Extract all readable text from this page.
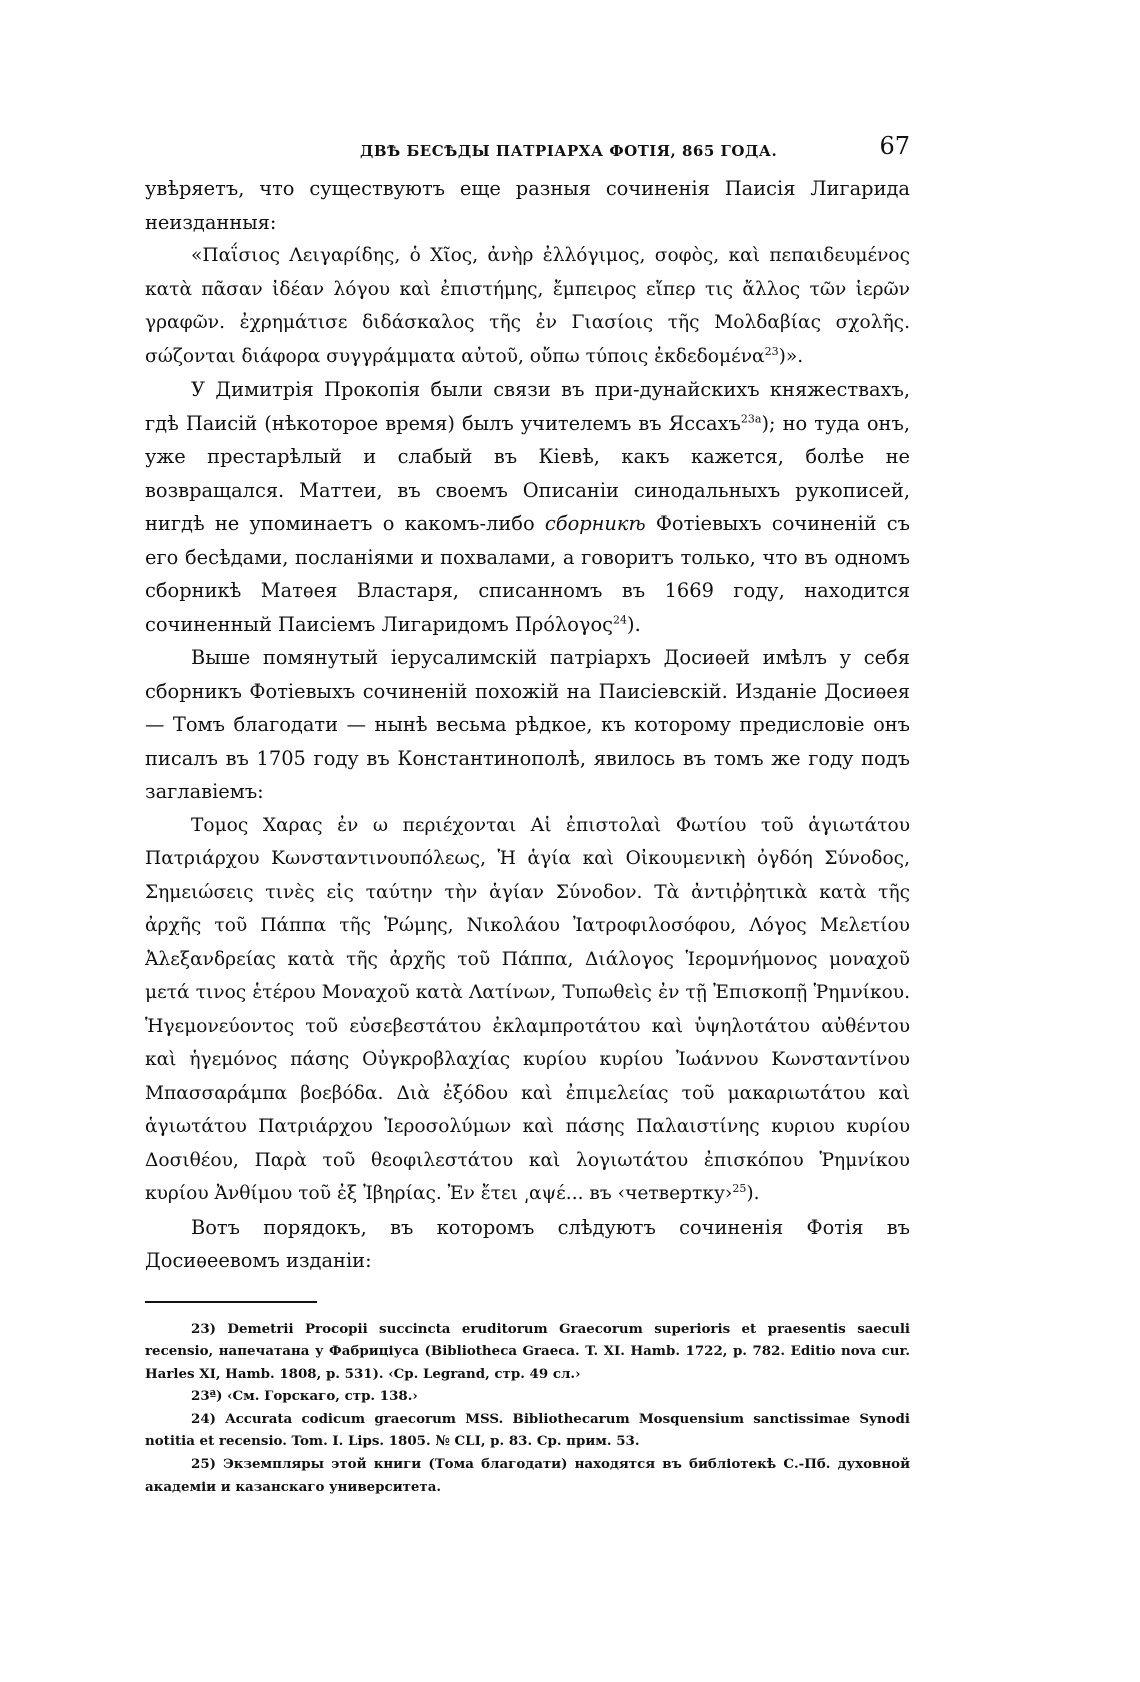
ДВѢ БЕСѢДЫ ПАТРІАРХА ФОТІЯ, 865 ГОДА.	67

увѣряетъ, что существуютъ еще разныя сочиненія Паисія Лигарида неизданныя:

«Παΐσιος Λειγαρίδης, ὁ Χῖος, ἀνὴρ ἐλλόγιμος, σοφὸς, καὶ πεπαιδευμένος κατὰ πᾶσαν ἰδέαν λόγου καὶ ἐπιστήμης, ἔμπειρος εἴπερ τις ἄλλος τῶν ἱερῶν γραφῶν. ἐχρημάτισε διδάσκαλος τῆς ἐν Γιασίοις τῆς Μολδαβίας σχολῆς. σώζονται διάφορα συγγράμματα αὐτοῦ, οὔπω τύποις ἐκδεδομένα$^{23}$)».

У Димитрія Прокопія были связи въ при-дунайскихъ княжествахъ, гдѣ Паисій (нѣкоторое время) былъ учителемъ въ Яссахъ$^{23а}$); но туда онъ, уже престарѣлый и слабый въ Кіевѣ, какъ кажется, болѣе не возвращался. Маттеи, въ своемъ Описаніи синодальныхъ рукописей, нигдѣ не упоминаетъ о какомъ-либо сборникѣ Фотіевыхъ сочиненій съ его бесѣдами, посланіями и похвалами, а говоритъ только, что въ одномъ сборникѣ Матѳея Властаря, списанномъ въ 1669 году, находится сочиненный Паисіемъ Лигаридомъ Πρόλογος$^{24}$).

Выше помянутый іерусалимскій патріархъ Досиѳей имѣлъ у себя сборникъ Фотіевыхъ сочиненій похожій на Паисіевскій. Изданіе Досиѳея— Томъ благодати — нынѣ весьма рѣдкое, къ которому предисловіе онъ писалъ въ 1705 году въ Константинополѣ, явилось въ томъ же году подъ заглавіемъ:

Τομος Χαρας ἐν ω περιέχονται Αἱ ἐπιστολαὶ Φωτίου τοῦ ἁγιωτάτου Πατριάρχου Κωνσταντινουπόλεως, Ἡ ἁγία καὶ Οἰκουμενικὴ ὀγδόη Σύνοδος, Σημειώσεις τινὲς εἰς ταύτην τὴν ἁγίαν Σύνοδον. Τὰ ἀντιῤῥητικὰ κατὰ τῆς ἀρχῆς τοῦ Πάππα τῆς Ῥώμης, Νικολάου Ἰατροφιλοσόφου, Λόγος Μελετίου Ἀλεξανδρείας κατὰ τῆς ἀρχῆς τοῦ Πάππα, Διάλογος Ἱερομνήμονος μοναχοῦ μετά τινος ἑτέρου Μοναχοῦ κατὰ Λατίνων, Τυπωθεὶς ἐν τῇ Ἐπισκοπῇ Ῥημνίκου. Ἡγεμονεύοντος τοῦ εὐσεβεστάτου ἐκλαμπροτάτου καὶ ὑψηλοτάτου αὐθέντου καὶ ἡγεμόνος πάσης Οὐγκροβλαχίας κυρίου κυρίου Ἰωάννου Κωνσταντίνου Μπασσαράμπα βοεβόδα. Διὰ ἐξόδου καὶ ἐπιμελείας τοῦ μακαριωτάτου καὶ ἁγιωτάτου Πατριάρχου Ἱεροσολύμων καὶ πάσης Παλαιστίνης κυριου κυρίου Δοσιθέου, Παρὰ τοῦ θεοφιλεστάτου καὶ λογιωτάτου ἐπισκόπου Ῥημνίκου κυρίου Ἀνθίμου τοῦ ἐξ Ἰβηρίας. Ἐν ἔτει ͵αψέ... въ ‹четвертку›$^{25}$).

Вотъ порядокъ, въ которомъ слѣдуютъ сочиненія Фотія въ Досиѳеевомъ изданіи:

23) Demetrii Procopii succincta eruditorum Graecorum superioris et praesentis saeculi recensio, напечатана у Фабриціуса (Bibliotheca Graeca. T. XI. Hamb. 1722, p. 782. Editio nova cur. Harles XI, Hamb. 1808, p. 531). ‹Ср. Legrand, стр. 49 сл.›

23ª) ‹См. Горскаго, стр. 138.›

24) Accurata codicum graecorum MSS. Bibliothecarum Mosquensium sanctissimae Synodi notitia et recensio. Tom. I. Lips. 1805. № CLI, p. 83. Ср. прим. 53.

25) Экземпляры этой книги (Тома благодати) находятся въ библіотекѣ С.-Пб. духовной академіи и казанскаго университета.
